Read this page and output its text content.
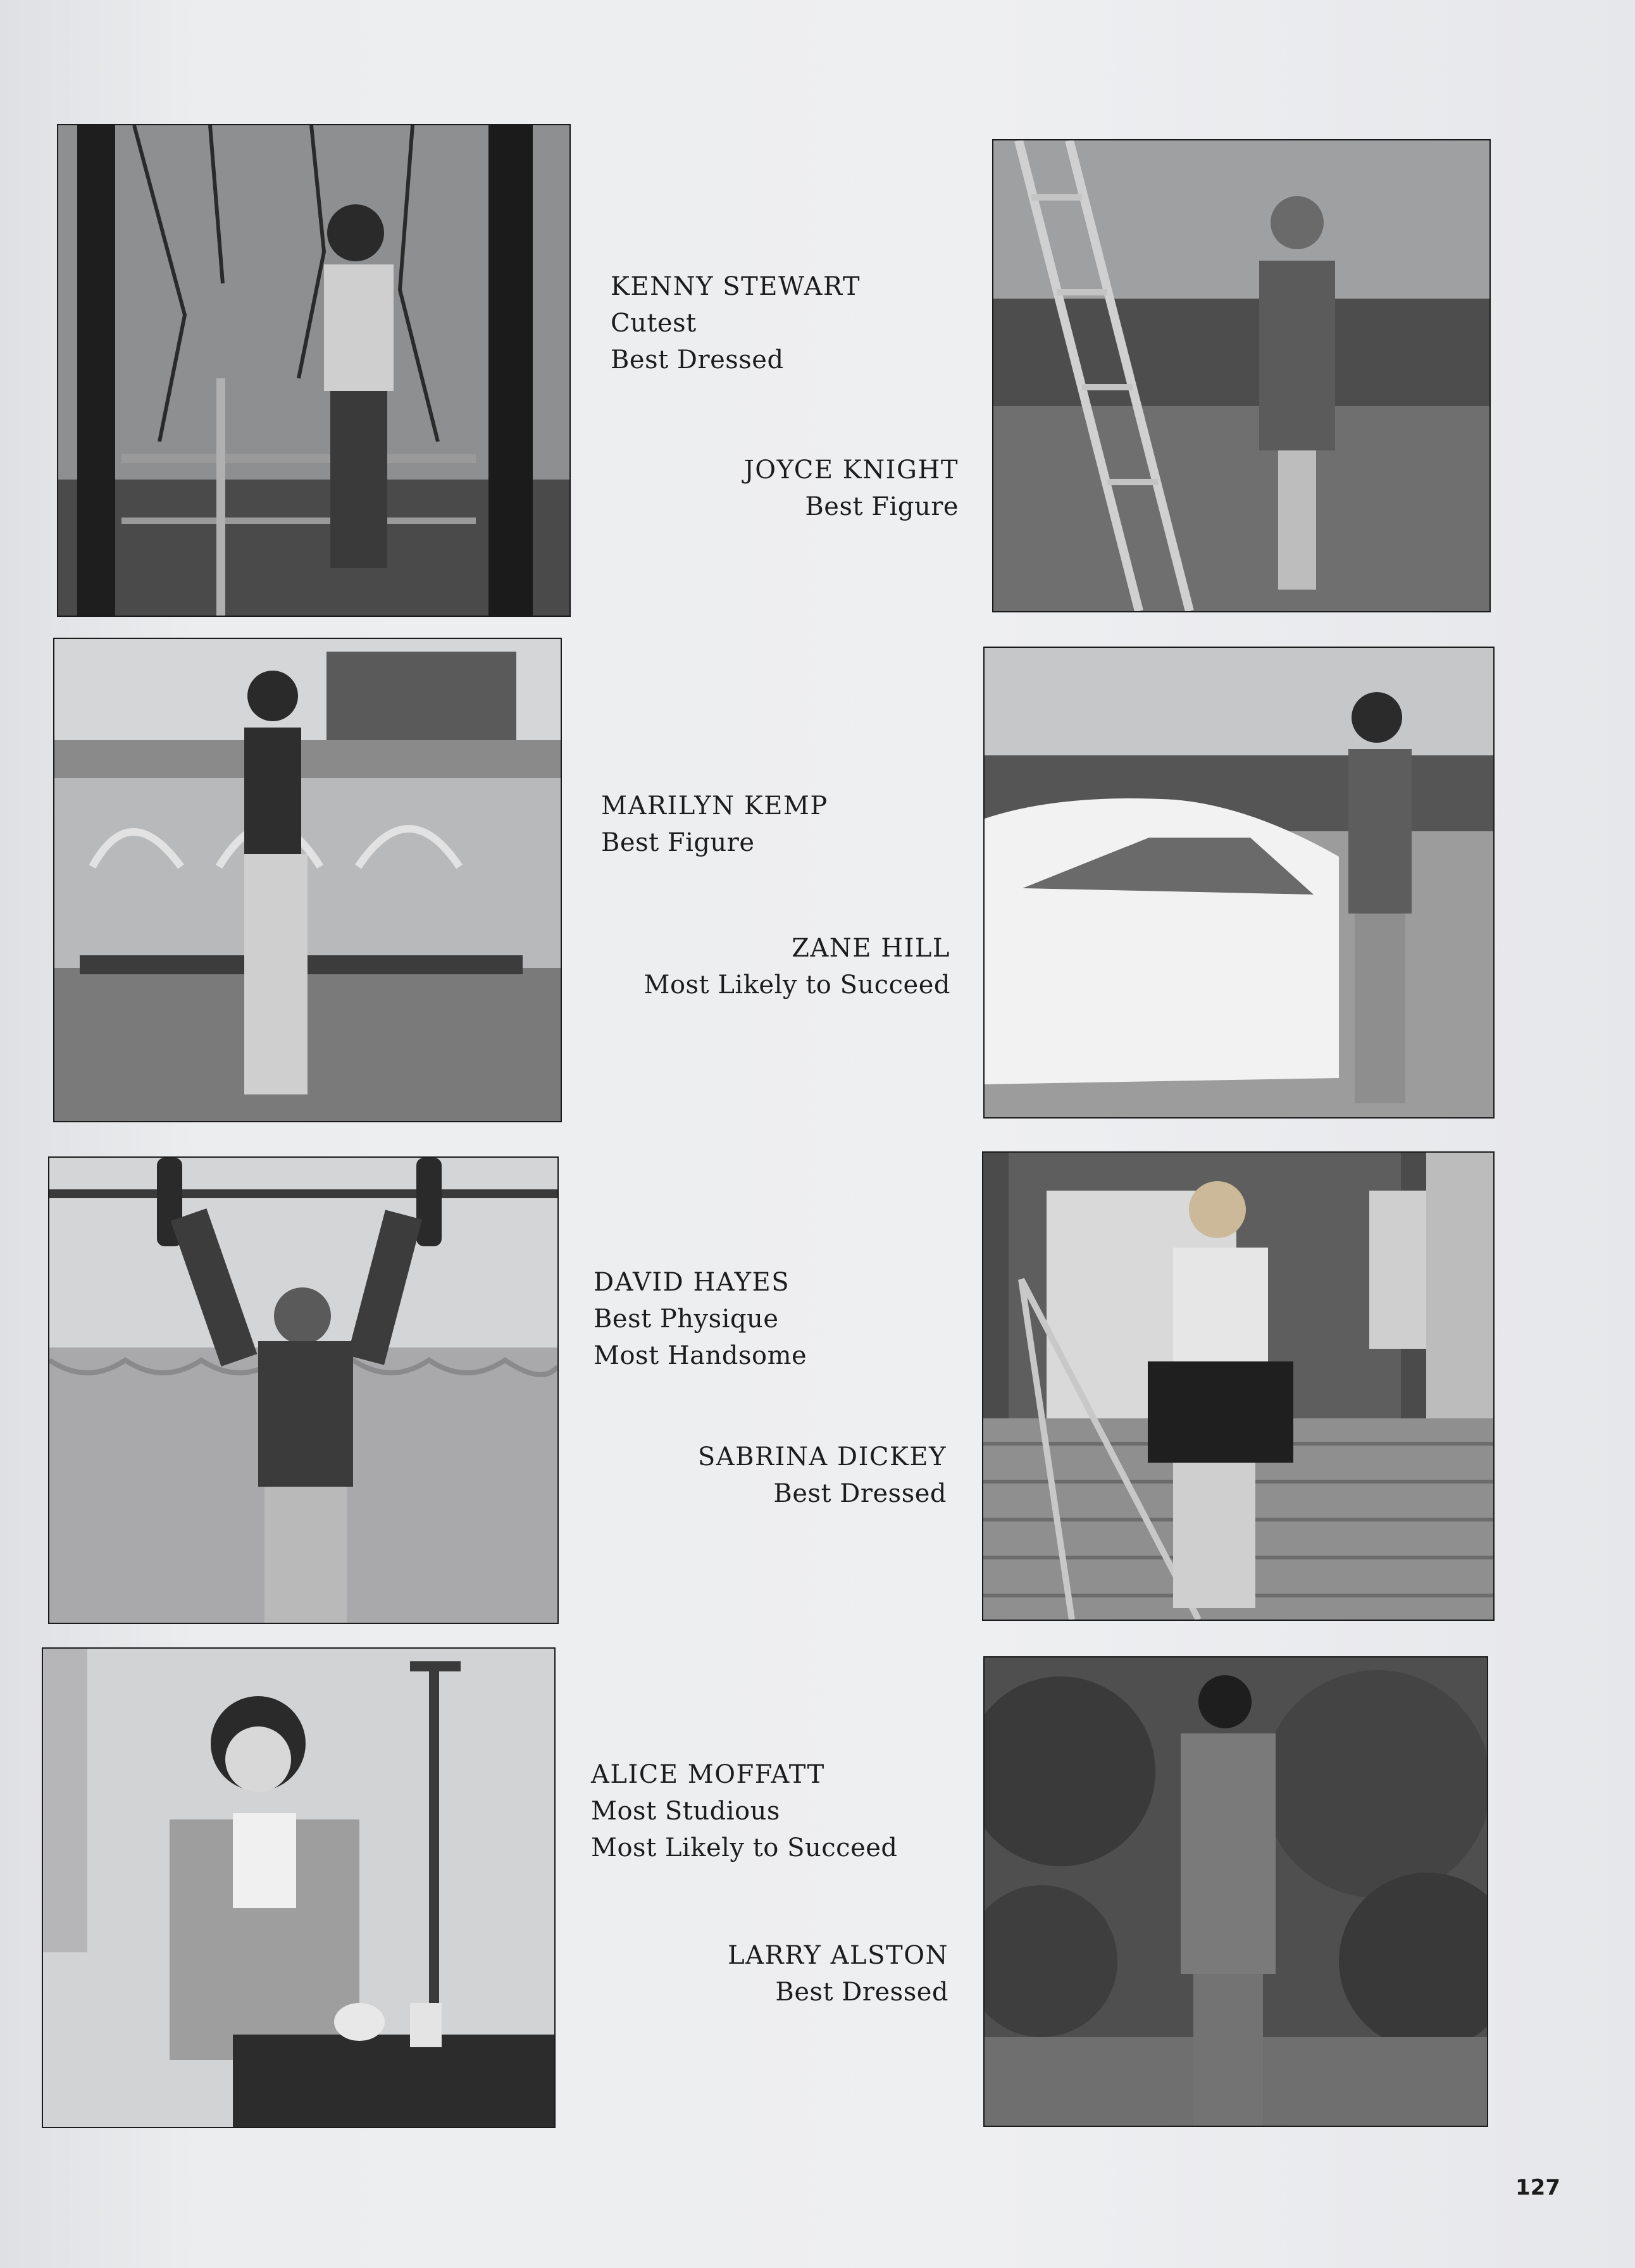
KENNY STEWART
Cutest
Best Dressed
JOYCE KNIGHT
Best Figure
MARILYN KEMP
Best Figure
ZANE HILL
Most Likely to Succeed
DAVID HAYES
Best Physique
Most Handsome
SABRINA DICKEY
Best Dressed
ALICE MOFFATT
Most Studious
Most Likely to Succeed
LARRY ALSTON
Best Dressed
127
